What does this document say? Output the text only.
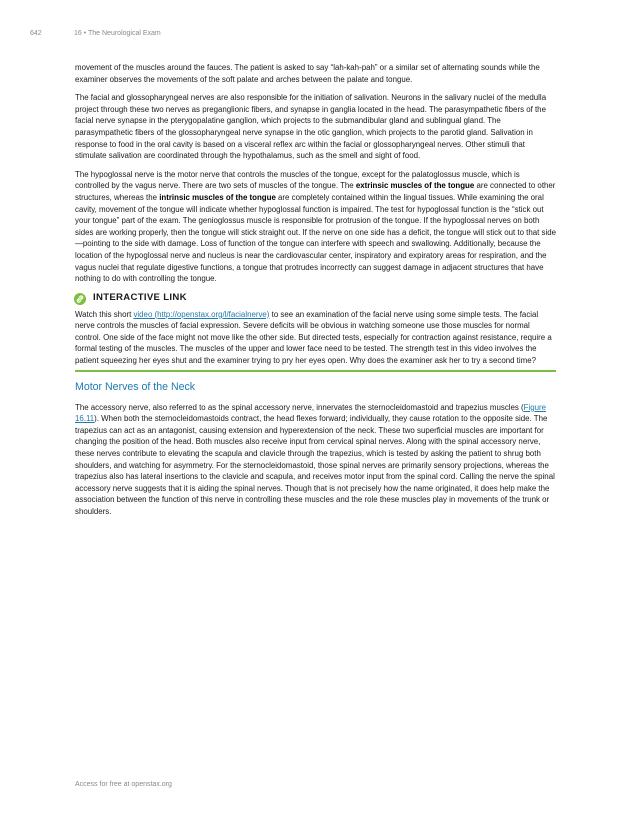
642	16 • The Neurological Exam

movement of the muscles around the fauces. The patient is asked to say “lah-kah-pah” or a similar set of alternating sounds while the examiner observes the movements of the soft palate and arches between the palate and tongue.

The facial and glossopharyngeal nerves are also responsible for the initiation of salivation. Neurons in the salivary nuclei of the medulla project through these two nerves as preganglionic fibers, and synapse in ganglia located in the head. The parasympathetic fibers of the facial nerve synapse in the pterygopalatine ganglion, which projects to the submandibular gland and sublingual gland. The parasympathetic fibers of the glossopharyngeal nerve synapse in the otic ganglion, which projects to the parotid gland. Salivation in response to food in the oral cavity is based on a visceral reflex arc within the facial or glossopharyngeal nerves. Other stimuli that stimulate salivation are coordinated through the hypothalamus, such as the smell and sight of food.

The hypoglossal nerve is the motor nerve that controls the muscles of the tongue, except for the palatoglossus muscle, which is controlled by the vagus nerve. There are two sets of muscles of the tongue. The extrinsic muscles of the tongue are connected to other structures, whereas the intrinsic muscles of the tongue are completely contained within the lingual tissues. While examining the oral cavity, movement of the tongue will indicate whether hypoglossal function is impaired. The test for hypoglossal function is the “stick out your tongue” part of the exam. The genioglossus muscle is responsible for protrusion of the tongue. If the hypoglossal nerves on both sides are working properly, then the tongue will stick straight out. If the nerve on one side has a deficit, the tongue will stick out to that side—pointing to the side with damage. Loss of function of the tongue can interfere with speech and swallowing. Additionally, because the location of the hypoglossal nerve and nucleus is near the cardiovascular center, inspiratory and expiratory areas for respiration, and the vagus nuclei that regulate digestive functions, a tongue that protrudes incorrectly can suggest damage in adjacent structures that have nothing to do with controlling the tongue.

INTERACTIVE LINK

Watch this short video (http://openstax.org/l/facialnerve) to see an examination of the facial nerve using some simple tests. The facial nerve controls the muscles of facial expression. Severe deficits will be obvious in watching someone use those muscles for normal control. One side of the face might not move like the other side. But directed tests, especially for contraction against resistance, require a formal testing of the muscles. The muscles of the upper and lower face need to be tested. The strength test in this video involves the patient squeezing her eyes shut and the examiner trying to pry her eyes open. Why does the examiner ask her to try a second time?

Motor Nerves of the Neck

The accessory nerve, also referred to as the spinal accessory nerve, innervates the sternocleidomastoid and trapezius muscles (Figure 16.11). When both the sternocleidomastoids contract, the head flexes forward; individually, they cause rotation to the opposite side. The trapezius can act as an antagonist, causing extension and hyperextension of the neck. These two superficial muscles are important for changing the position of the head. Both muscles also receive input from cervical spinal nerves. Along with the spinal accessory nerve, these nerves contribute to elevating the scapula and clavicle through the trapezius, which is tested by asking the patient to shrug both shoulders, and watching for asymmetry. For the sternocleidomastoid, those spinal nerves are primarily sensory projections, whereas the trapezius also has lateral insertions to the clavicle and scapula, and receives motor input from the spinal cord. Calling the nerve the spinal accessory nerve suggests that it is aiding the spinal nerves. Though that is not precisely how the name originated, it does help make the association between the function of this nerve in controlling these muscles and the role these muscles play in movements of the trunk or shoulders.

Access for free at openstax.org
